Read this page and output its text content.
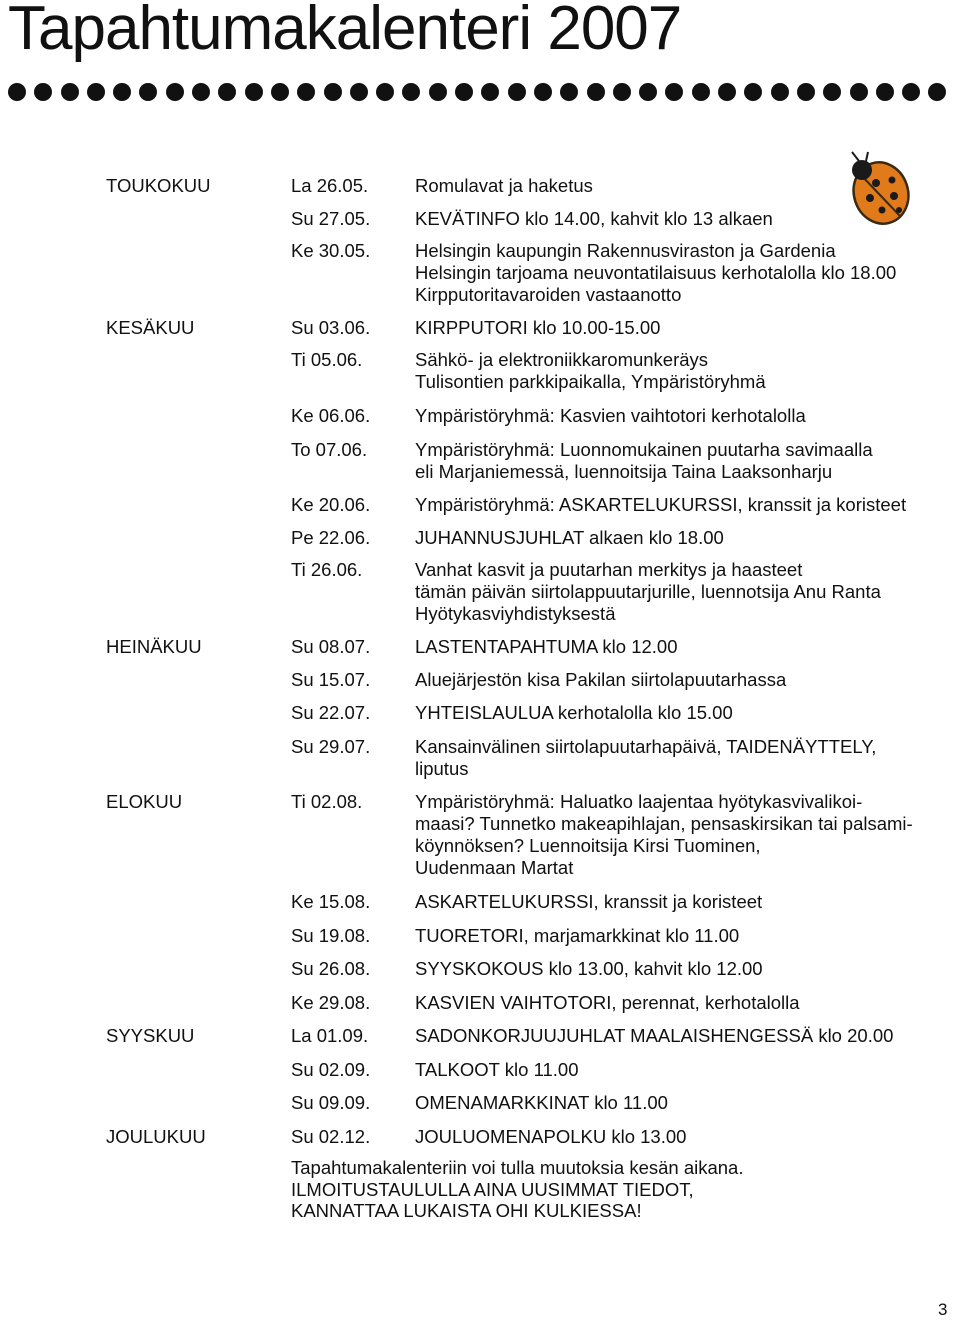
Tapahtumakalenteri 2007
TOUKOKUU	La 26.05.	Romulavat ja haketus
Su 27.05.	KEVÄTINFO klo 14.00, kahvit klo 13 alkaen
Ke 30.05.	Helsingin kaupungin Rakennusviraston ja Gardenia
Helsingin tarjoama neuvontatilaisuus kerhotalolla klo 18.00
Kirpputoritavaroiden vastaanotto
KESÄKUU	Su 03.06.	KIRPPUTORI klo 10.00-15.00
Ti 05.06.	Sähkö- ja elektroniikkaromunkeräys
Tulisontien parkkipaikalla, Ympäristöryhmä
Ke 06.06.	Ympäristöryhmä: Kasvien vaihtotori kerhotalolla
To 07.06.	Ympäristöryhmä: Luonnomukainen puutarha savimaalla
eli Marjaniemessä, luennoitsija Taina Laaksonharju
Ke 20.06.	Ympäristöryhmä: ASKARTELUKURSSI, kranssit ja koristeet
Pe 22.06.	JUHANNUSJUHLAT alkaen klo 18.00
Ti 26.06.	Vanhat kasvit ja puutarhan merkitys ja haasteet
tämän päivän siirtolappuutarjurille, luennotsija Anu Ranta
Hyötykasviyhdistyksestä
HEINÄKUU	Su 08.07.	LASTENTAPAHTUMA klo 12.00
Su 15.07.	Aluejärjestön kisa Pakilan siirtolapuutarhassa
Su 22.07.	YHTEISLAULUA kerhotalolla klo 15.00
Su 29.07.	Kansainvälinen siirtolapuutarhapäivä, TAIDENÄYTTELY,
liputus
ELOKUU	Ti 02.08.	Ympäristöryhmä: Haluatko laajentaa hyötykasvivalikoi-
maasi? Tunnetko makeapihlajan, pensaskirsikan tai palsami-
köynnöksen? Luennoitsija Kirsi Tuominen,
Uudenmaan Martat
Ke 15.08.	ASKARTELUKURSSI, kranssit ja koristeet
Su 19.08.	TUORETORI, marjamarkkinat klo 11.00
Su 26.08.	SYYSKOKOUS klo 13.00, kahvit klo 12.00
Ke 29.08.	KASVIEN VAIHTOTORI, perennat, kerhotalolla
SYYSKUU	La 01.09.	SADONKORJUUJUHLAT MAALAISHENGESSÄ klo 20.00
Su 02.09.	TALKOOT klo 11.00
Su 09.09.	OMENAMARKKINAT klo 11.00
JOULUKUU	Su 02.12.	JOULUOMENAPOLKU klo 13.00
Tapahtumakalenteriin voi tulla muutoksia kesän aikana.
ILMOITUSTAULULLA AINA UUSIMMAT TIEDOT,
KANNATTAA LUKAISTA OHI KULKIESSA!
3
